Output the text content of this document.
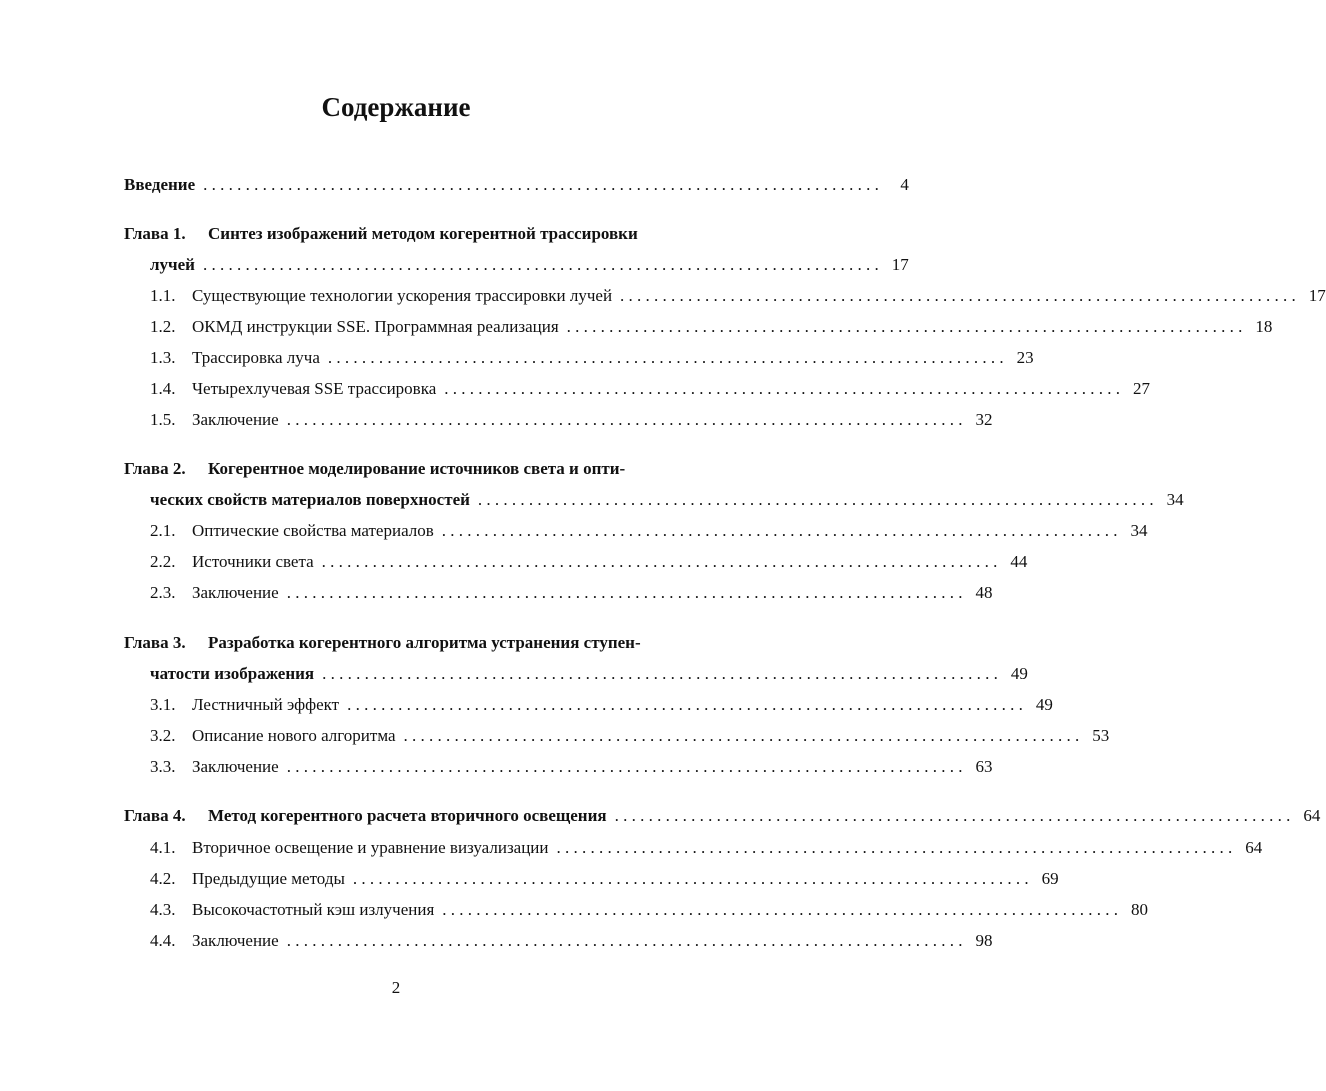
Содержание
Введение . . . . . . . . . . . . . . . . . . . . . . . . . . . . . . . . . . . . . . . . . . . . . . . . . . . . . . . . . . . . . . . . . . . . . . . . . . . . . . . .	4
Глава 1. Синтез изображений методом когерентной трассировки
лучей . . . . . . . . . . . . . . . . . . . . . . . . . . . . . . . . . . . . . . . . . . . . . . . . . . . . . . . . . . . . . . . . . . . . . . . . . . . . . . . . 17
1.1. Существующие технологии ускорения трассировки лучей . . . . . . . . . . . . . . . . . . . . . . . . . . . . . . . . . . . . . . . . . . . . . . . . . . . . . . . . . . . . . . . . . . . . . . . . . . . . . . . . 17
1.2. ОКМД инструкции SSE. Программная реализация . . . . . . . . . . . . . . . . . . . . . . . . . . . . . . . . . . . . . . . . . . . . . . . . . . . . . . . . . . . . . . . . . . . . . . . . . . . . . . . . 18
1.3. Трассировка луча . . . . . . . . . . . . . . . . . . . . . . . . . . . . . . . . . . . . . . . . . . . . . . . . . . . . . . . . . . . . . . . . . . . . . . . . . . . . . . . . 23
1.4. Четырехлучевая SSE трассировка . . . . . . . . . . . . . . . . . . . . . . . . . . . . . . . . . . . . . . . . . . . . . . . . . . . . . . . . . . . . . . . . . . . . . . . . . . . . . . . . 27
1.5. Заключение . . . . . . . . . . . . . . . . . . . . . . . . . . . . . . . . . . . . . . . . . . . . . . . . . . . . . . . . . . . . . . . . . . . . . . . . . . . . . . . . 32
Глава 2. Когерентное моделирование источников света и опти-
ческих свойств материалов поверхностей . . . . . . . . . . . . . . . . . . . . . . . . . . . . . . . . . . . . . . . . . . . . . . . . . . . . . . . . . . . . . . . . . . . . . . . . . . . . . . . . 34
2.1. Оптические свойства материалов . . . . . . . . . . . . . . . . . . . . . . . . . . . . . . . . . . . . . . . . . . . . . . . . . . . . . . . . . . . . . . . . . . . . . . . . . . . . . . . . 34
2.2. Источники света . . . . . . . . . . . . . . . . . . . . . . . . . . . . . . . . . . . . . . . . . . . . . . . . . . . . . . . . . . . . . . . . . . . . . . . . . . . . . . . . 44
2.3. Заключение . . . . . . . . . . . . . . . . . . . . . . . . . . . . . . . . . . . . . . . . . . . . . . . . . . . . . . . . . . . . . . . . . . . . . . . . . . . . . . . . 48
Глава 3. Разработка когерентного алгоритма устранения ступен-
чатости изображения . . . . . . . . . . . . . . . . . . . . . . . . . . . . . . . . . . . . . . . . . . . . . . . . . . . . . . . . . . . . . . . . . . . . . . . . . . . . . . . . 49
3.1. Лестничный эффект . . . . . . . . . . . . . . . . . . . . . . . . . . . . . . . . . . . . . . . . . . . . . . . . . . . . . . . . . . . . . . . . . . . . . . . . . . . . . . . . 49
3.2. Описание нового алгоритма . . . . . . . . . . . . . . . . . . . . . . . . . . . . . . . . . . . . . . . . . . . . . . . . . . . . . . . . . . . . . . . . . . . . . . . . . . . . . . . . 53
3.3. Заключение . . . . . . . . . . . . . . . . . . . . . . . . . . . . . . . . . . . . . . . . . . . . . . . . . . . . . . . . . . . . . . . . . . . . . . . . . . . . . . . . 63
Глава 4.	Метод когерентного расчета вторичного освещения . . . . . . . . . . . . . . . . . . . . . . . . . . . . . . . . . . . . . . . . . . . . . . . . . . . . . . . . . . . . . . . . . . . . . . . . . . . . . . . . 64
4.1. Вторичное освещение и уравнение визуализации . . . . . . . . . . . . . . . . . . . . . . . . . . . . . . . . . . . . . . . . . . . . . . . . . . . . . . . . . . . . . . . . . . . . . . . . . . . . . . . . 64
4.2. Предыдущие методы . . . . . . . . . . . . . . . . . . . . . . . . . . . . . . . . . . . . . . . . . . . . . . . . . . . . . . . . . . . . . . . . . . . . . . . . . . . . . . . . 69
4.3. Высокочастотный кэш излучения . . . . . . . . . . . . . . . . . . . . . . . . . . . . . . . . . . . . . . . . . . . . . . . . . . . . . . . . . . . . . . . . . . . . . . . . . . . . . . . . 80
4.4. Заключение . . . . . . . . . . . . . . . . . . . . . . . . . . . . . . . . . . . . . . . . . . . . . . . . . . . . . . . . . . . . . . . . . . . . . . . . . . . . . . . . 98
2
